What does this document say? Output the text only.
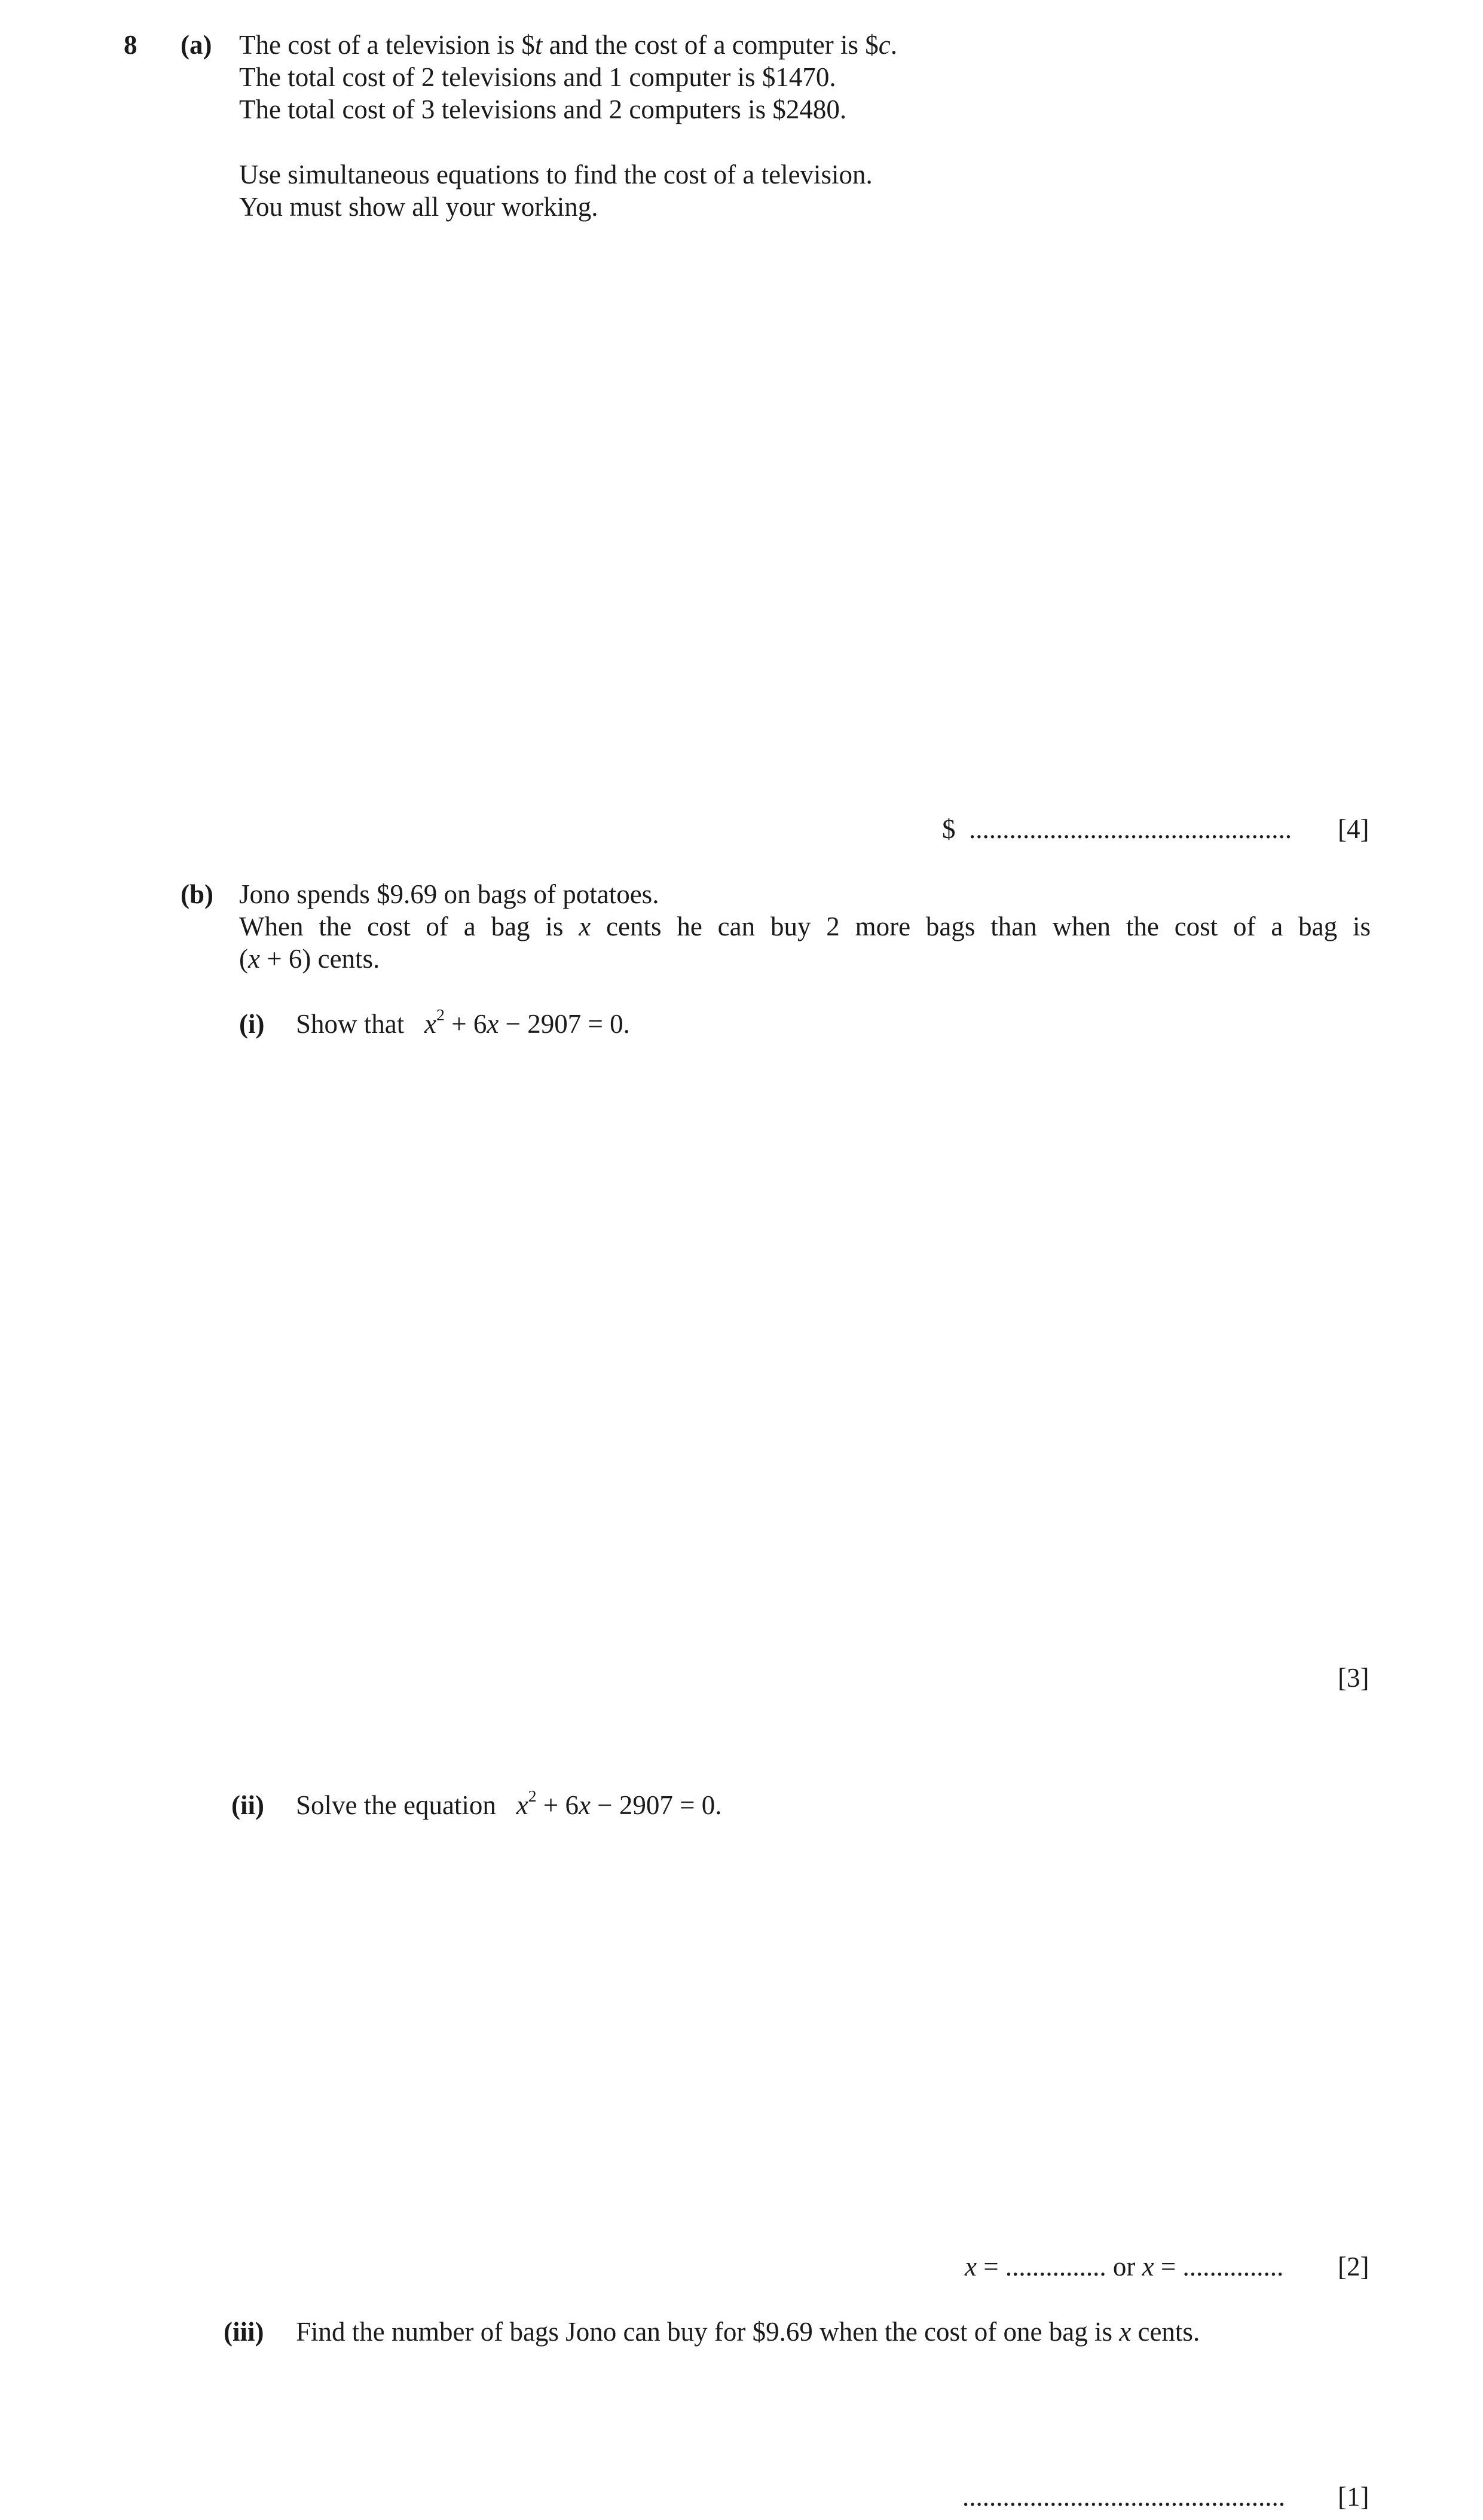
8 (a) The cost of a television is $t and the cost of a computer is $c.
The total cost of 2 televisions and 1 computer is $1470.
The total cost of 3 televisions and 2 computers is $2480.
Use simultaneous equations to find the cost of a television.
You must show all your working.
$ ................................................ [4]
(b) Jono spends $9.69 on bags of potatoes.
When the cost of a bag is x cents he can buy 2 more bags than when the cost of a bag is
(x + 6) cents.
(i) Show that $x^2 + 6x - 2907 = 0$.
[3]
(ii) Solve the equation $x^2 + 6x - 2907 = 0$.
x = ............... or x = ............... [2]
(iii) Find the number of bags Jono can buy for $9.69 when the cost of one bag is x cents.
................................................ [1]
